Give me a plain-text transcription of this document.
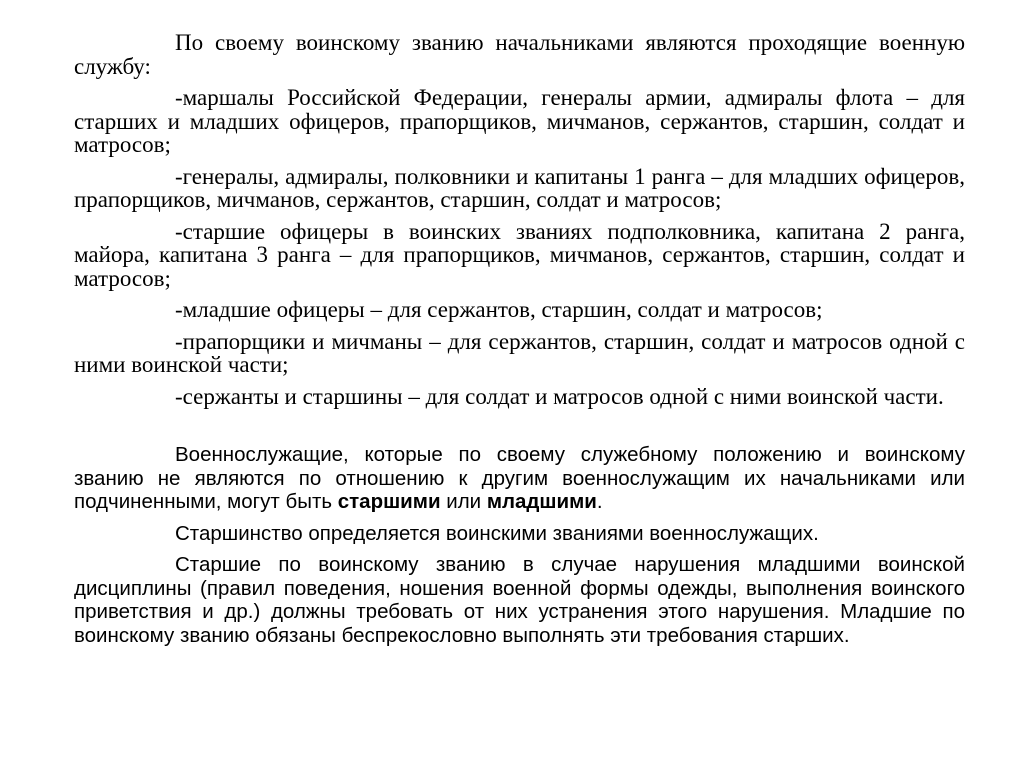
По своему воинскому званию начальниками являются проходящие военную службу:

-маршалы Российской Федерации, генералы армии, адмиралы флота – для старших и младших офицеров, прапорщиков, мичманов, сержантов, старшин, солдат и матросов;

-генералы, адмиралы, полковники и капитаны 1 ранга – для младших офицеров, прапорщиков, мичманов, сержантов, старшин, солдат и матросов;

-старшие офицеры в воинских званиях подполковника, капитана 2 ранга, майора, капитана 3 ранга – для прапорщиков, мичманов, сержантов, старшин, солдат и матросов;

-младшие офицеры – для сержантов, старшин, солдат и матросов;

-прапорщики и мичманы – для сержантов, старшин, солдат и матросов одной с ними воинской части;

-сержанты и старшины – для солдат и матросов одной с ними воинской части.

Военнослужащие, которые по своему служебному положению и воинскому званию не являются по отношению к другим военнослужащим их начальниками или подчиненными, могут быть старшими или младшими.

Старшинство определяется воинскими званиями военнослужащих.

Старшие по воинскому званию в случае нарушения младшими воинской дисциплины (правил поведения, ношения военной формы одежды, выполнения воинского приветствия и др.) должны требовать от них устранения этого нарушения. Младшие по воинскому званию обязаны беспрекословно выполнять эти требования старших.
